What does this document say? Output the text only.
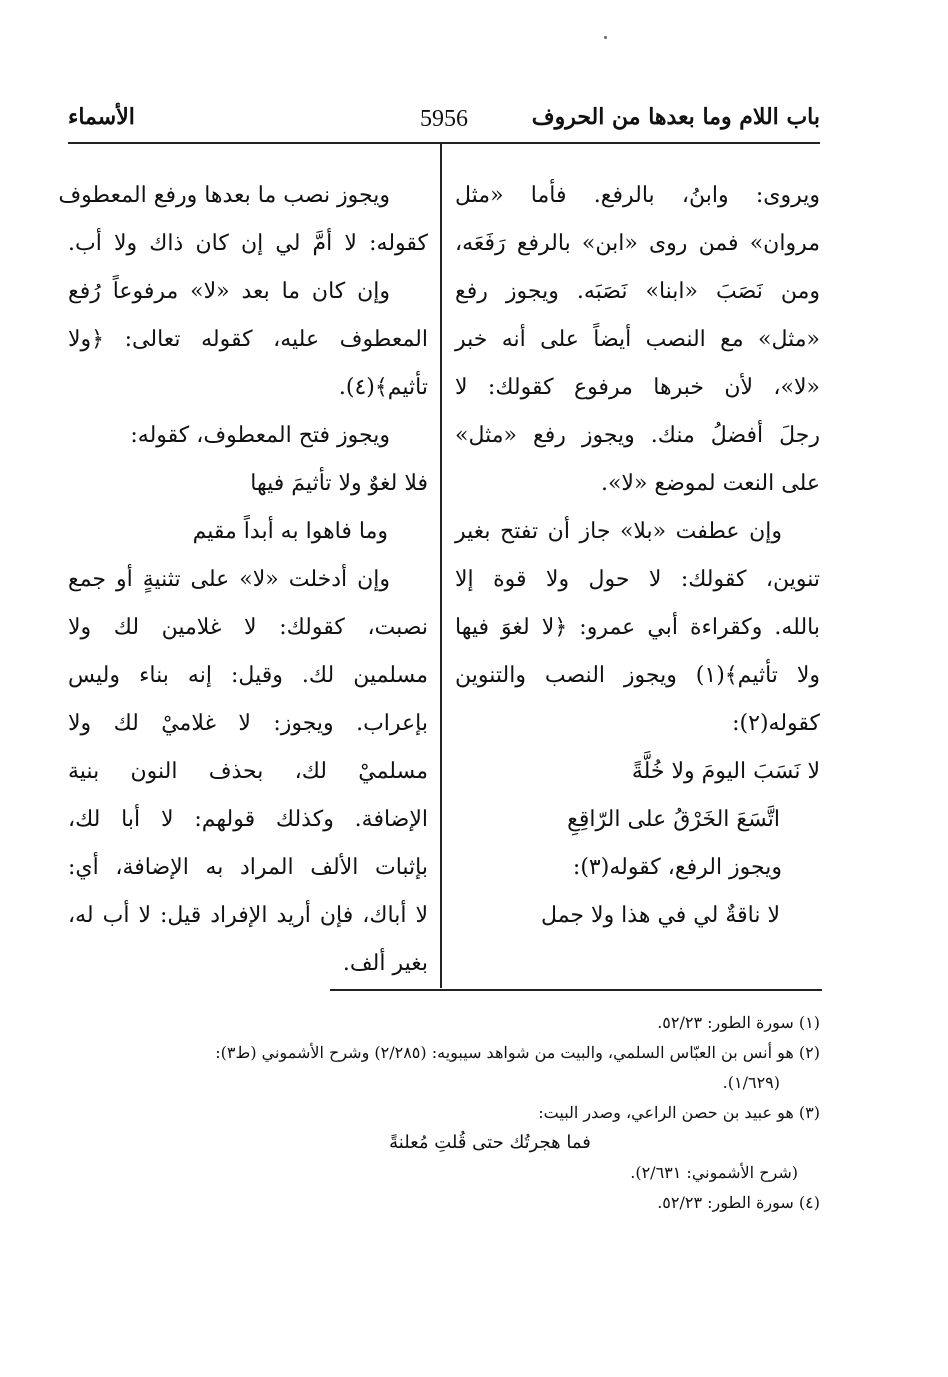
باب اللام وما بعدها من الحروف
5956
الأسماء
ويروى: وابنُ، بالرفع. فأما «مثل
مروان» فمن روى «ابن» بالرفع رَفَعَه،
ومن نَصَبَ «ابنا» نَصَبَه. ويجوز رفع
«مثل» مع النصب أيضاً على أنه خبر
«لا»، لأن خبرها مرفوع كقولك: لا
رجلَ أفضلُ منك. ويجوز رفع «مثل»
على النعت لموضع «لا».
وإن عطفت «بلا» جاز أن تفتح بغير
تنوين، كقولك: لا حول ولا قوة إلا
بالله. وكقراءة أبي عمرو: ﴿لا لغوَ فيها
ولا تأثيم﴾(١) ويجوز النصب والتنوين
كقوله(٢):
لا نَسَبَ اليومَ ولا خُلَّةً
اتَّسَعَ الخَرْقُ على الرّاقِعِ
ويجوز الرفع، كقوله(٣):
لا ناقةٌ لي في هذا ولا جمل
ويجوز نصب ما بعدها ورفع المعطوف
كقوله: لا أمَّ لي إن كان ذاك ولا أب.
وإن كان ما بعد «لا» مرفوعاً رُفع
المعطوف عليه، كقوله تعالى: ﴿ولا
تأثيم﴾(٤).
ويجوز فتح المعطوف، كقوله:
فلا لغوٌ ولا تأثيمَ فيها
وما فاهوا به أبداً مقيم
وإن أدخلت «لا» على تثنيةٍ أو جمع
نصبت، كقولك: لا غلامين لك ولا
مسلمين لك. وقيل: إنه بناء وليس
بإعراب. ويجوز: لا غلاميْ لك ولا
مسلميْ لك، بحذف النون بنية
الإضافة. وكذلك قولهم: لا أبا لك،
بإثبات الألف المراد به الإضافة، أي:
لا أباك، فإن أريد الإفراد قيل: لا أب له،
بغير ألف.
(١) سورة الطور: ٥٢/٢٣.
(٢) هو أنس بن العبّاس السلمي، والبيت من شواهد سيبويه: (٢/٢٨٥) وشرح الأشموني (ط٣):
(١/٦٢٩).
(٣) هو عبيد بن حصن الراعي، وصدر البيت:
فما هجرتُك حتى قُلتِ مُعلنةً
(شرح الأشموني: ٢/٦٣١).
(٤) سورة الطور: ٥٢/٢٣.
